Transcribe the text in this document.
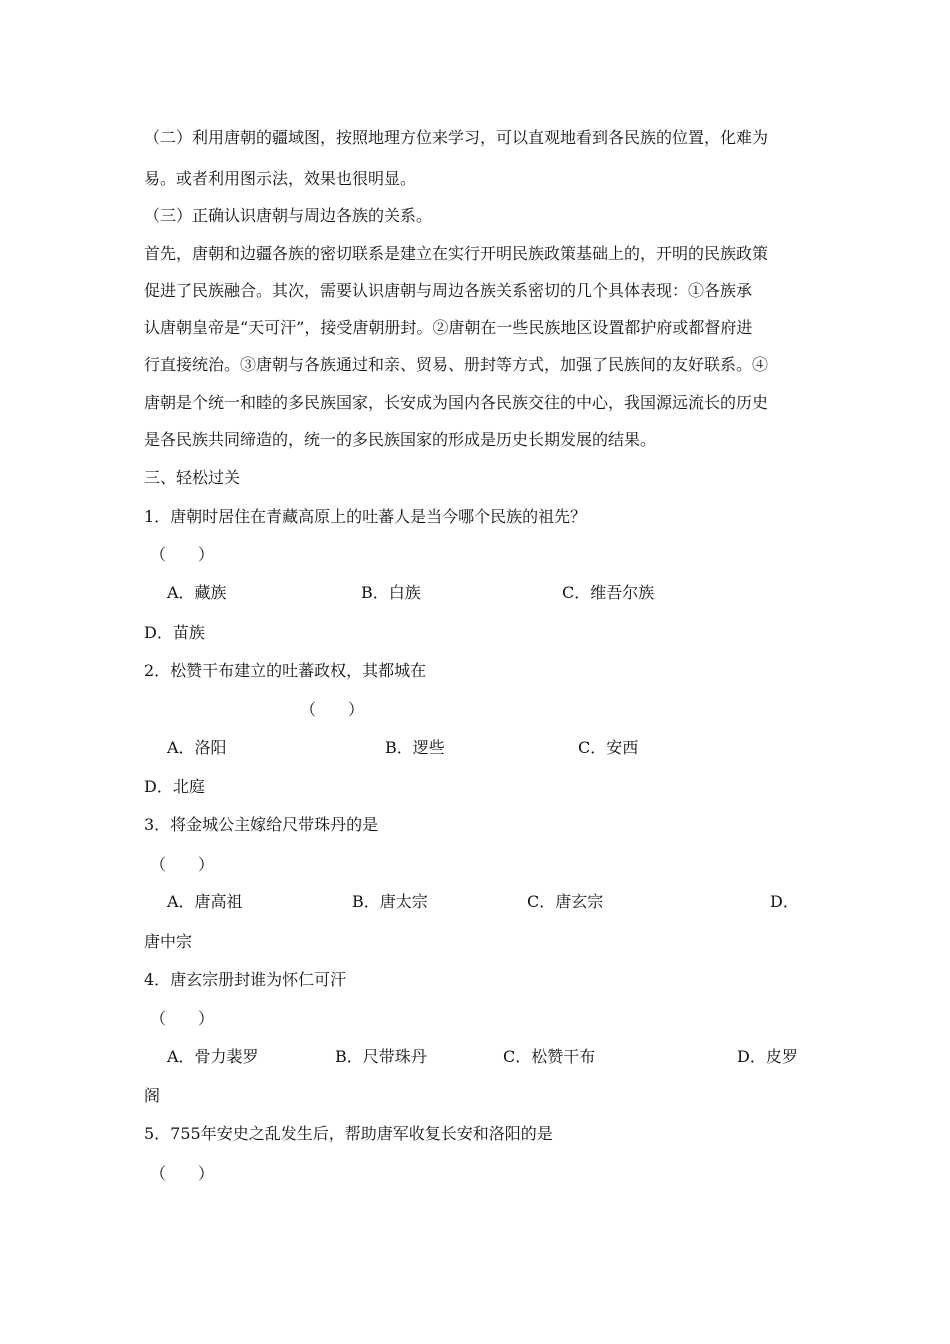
（二）利用唐朝的疆域图，按照地理方位来学习，可以直观地看到各民族的位置，化难为
易。或者利用图示法，效果也很明显。
（三）正确认识唐朝与周边各族的关系。
首先，唐朝和边疆各族的密切联系是建立在实行开明民族政策基础上的，开明的民族政策
促进了民族融合。其次，需要认识唐朝与周边各族关系密切的几个具体表现：①各族承
认唐朝皇帝是“天可汗”，接受唐朝册封。②唐朝在一些民族地区设置都护府或都督府进
行直接统治。③唐朝与各族通过和亲、贸易、册封等方式，加强了民族间的友好联系。④
唐朝是个统一和睦的多民族国家，长安成为国内各民族交往的中心，我国源远流长的历史
是各民族共同缔造的，统一的多民族国家的形成是历史长期发展的结果。
三、轻松过关
1．唐朝时居住在青藏高原上的吐蕃人是当今哪个民族的祖先？
（　　）
A．藏族	B．白族	C．维吾尔族
D．苗族
2．松赞干布建立的吐蕃政权，其都城在
（　　）
A．洛阳	B．逻些	C．安西
D．北庭
3．将金城公主嫁给尺带珠丹的是
（　　）
A．唐高祖	B．唐太宗	C．唐玄宗	D．
唐中宗
4．唐玄宗册封谁为怀仁可汗
（　　）
A．骨力裴罗	B．尺带珠丹	C．松赞干布	D．皮罗
阁
5．755年安史之乱发生后，帮助唐军收复长安和洛阳的是
（　　）
